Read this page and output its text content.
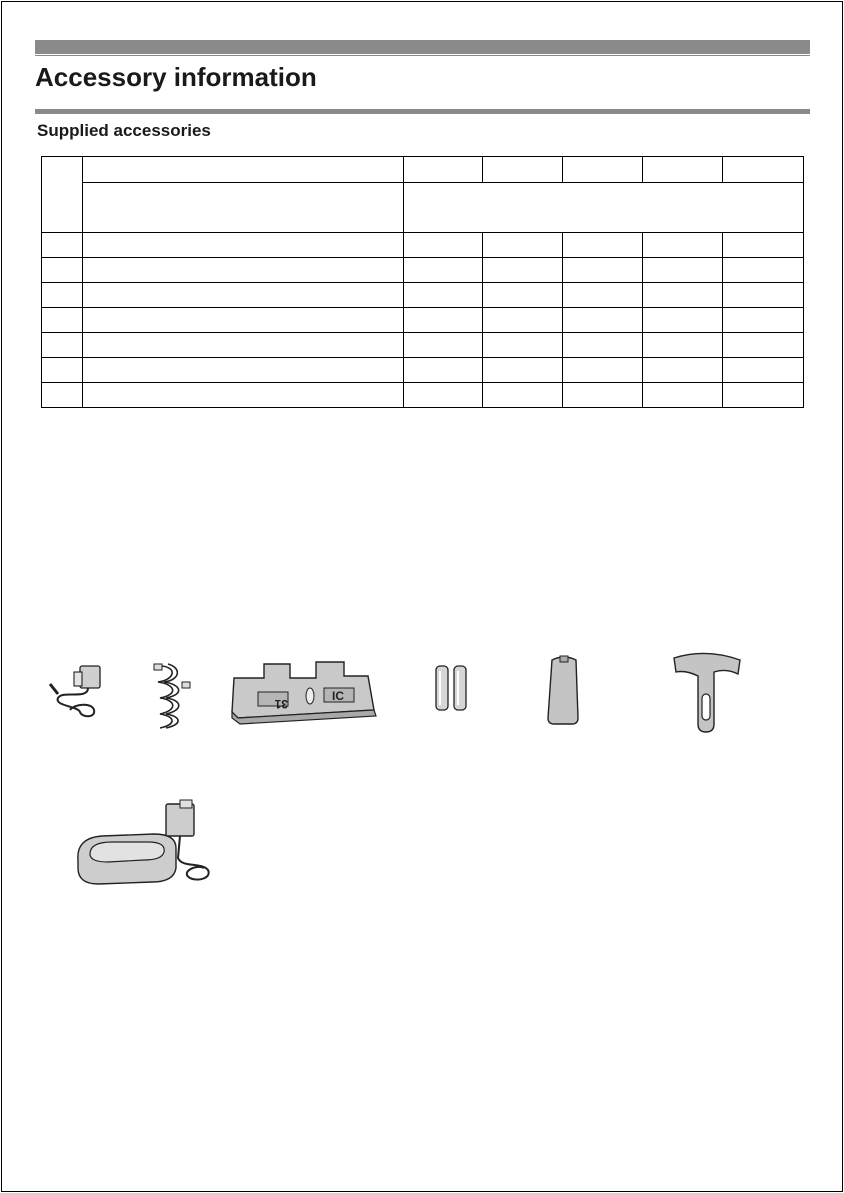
Accessory information
Supplied accessories

31
IC
